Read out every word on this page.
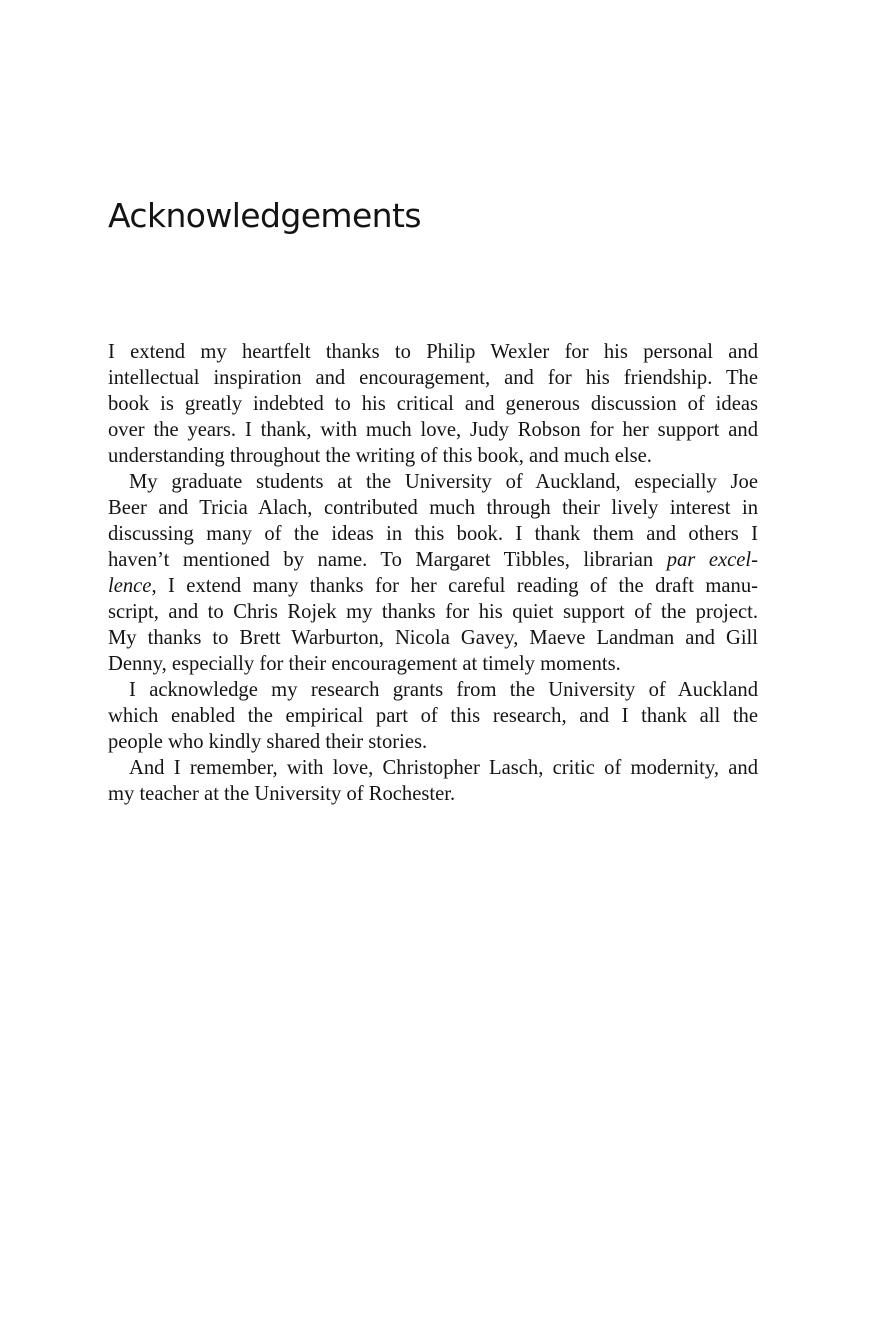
Acknowledgements
I extend my heartfelt thanks to Philip Wexler for his personal and
intellectual inspiration and encouragement, and for his friendship. The
book is greatly indebted to his critical and generous discussion of ideas
over the years. I thank, with much love, Judy Robson for her support and
understanding throughout the writing of this book, and much else.
My graduate students at the University of Auckland, especially Joe
Beer and Tricia Alach, contributed much through their lively interest in
discussing many of the ideas in this book. I thank them and others I
haven’t mentioned by name. To Margaret Tibbles, librarian par excel-
lence, I extend many thanks for her careful reading of the draft manu-
script, and to Chris Rojek my thanks for his quiet support of the project.
My thanks to Brett Warburton, Nicola Gavey, Maeve Landman and Gill
Denny, especially for their encouragement at timely moments.
I acknowledge my research grants from the University of Auckland
which enabled the empirical part of this research, and I thank all the
people who kindly shared their stories.
And I remember, with love, Christopher Lasch, critic of modernity, and
my teacher at the University of Rochester.
